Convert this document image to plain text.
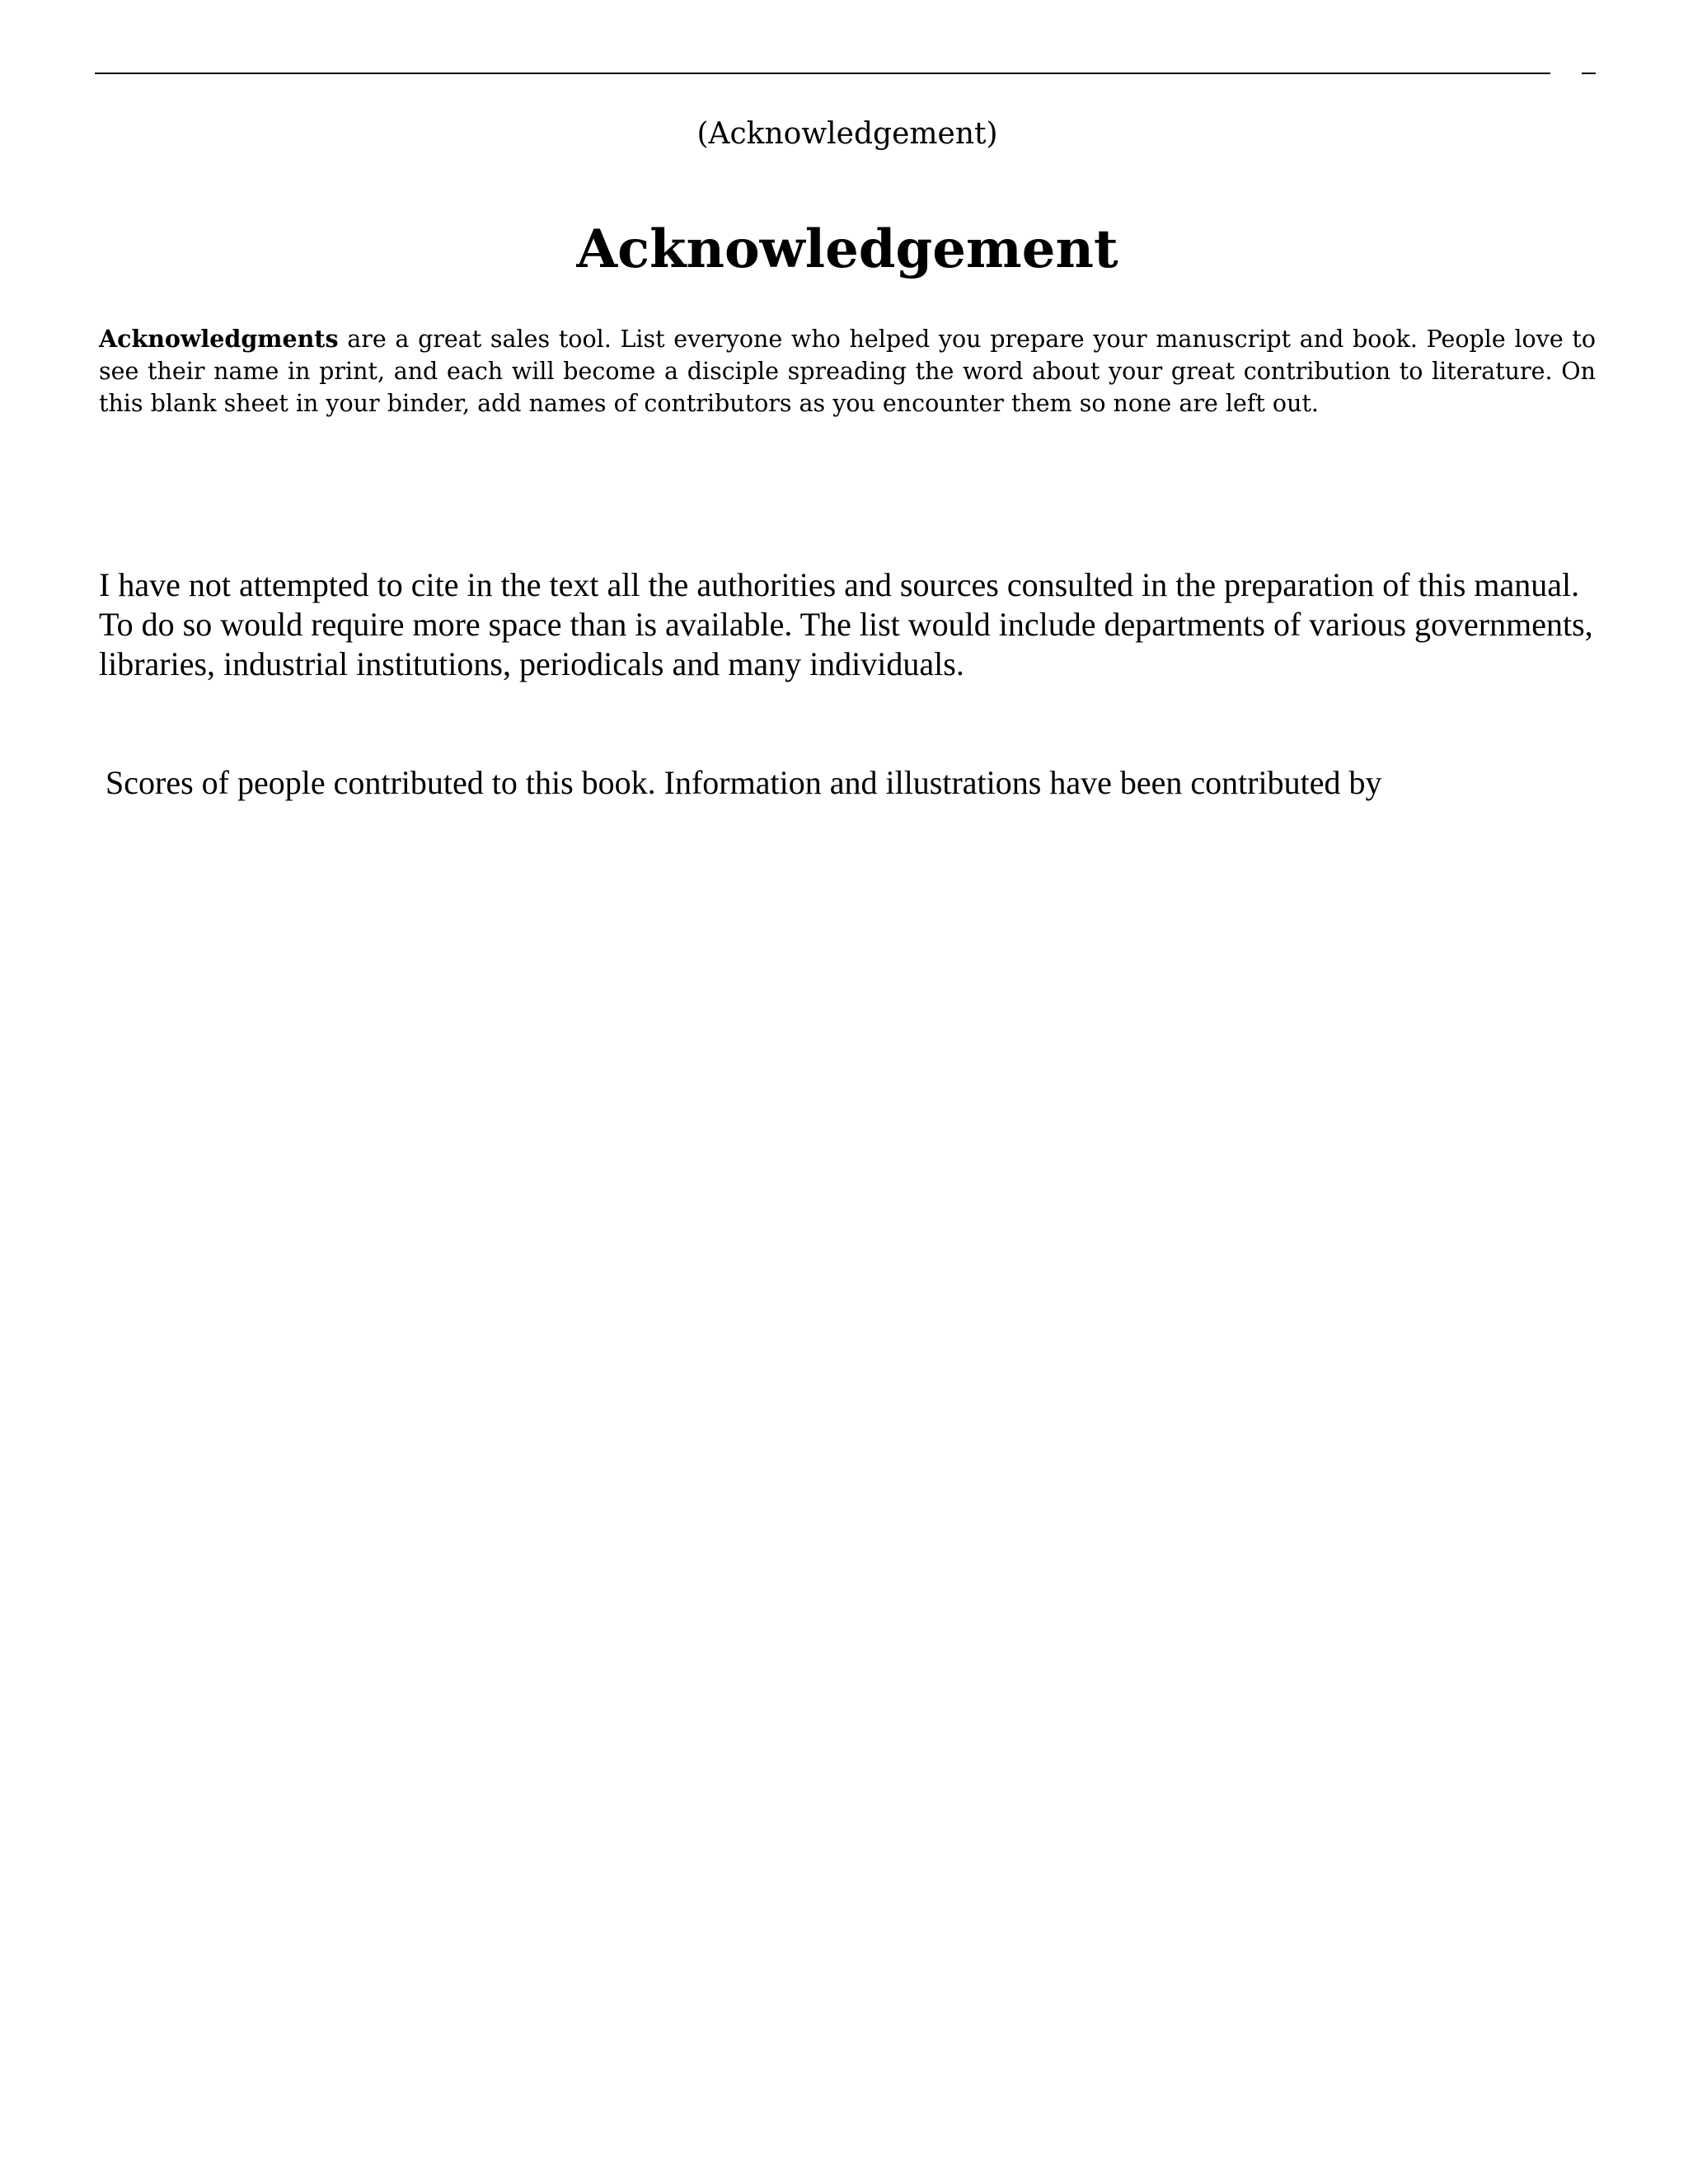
(Acknowledgement)
Acknowledgement

Acknowledgments are a great sales tool. List everyone who helped you prepare your manuscript and book. People love to see their name in print, and each will become a disciple spreading the word about your great contribution to literature. On this blank sheet in your binder, add names of contributors as you encounter them so none are left out.

I have not attempted to cite in the text all the authorities and sources consulted in the preparation of this manual. To do so would require more space than is available. The list would include departments of various governments, libraries, industrial institutions, periodicals and many individuals.

Scores of people contributed to this book. Information and illustrations have been contributed by
